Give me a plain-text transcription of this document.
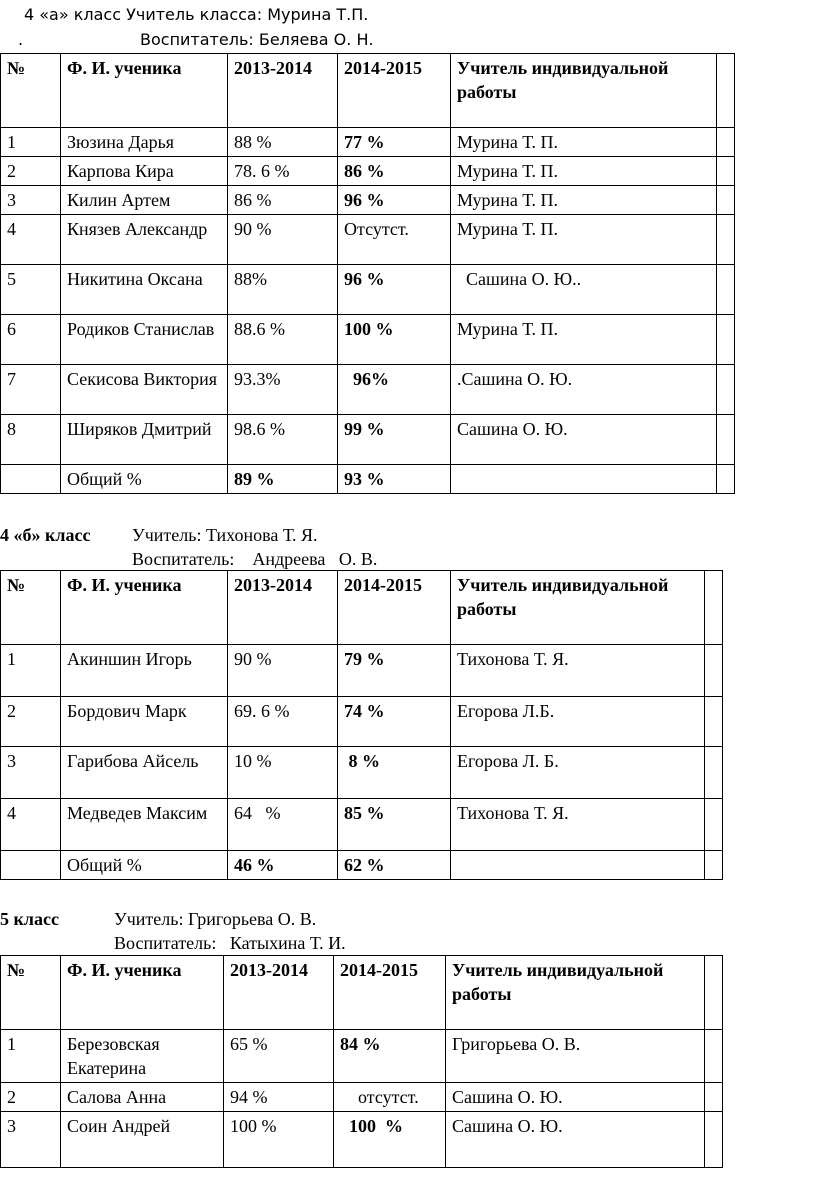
4 «а» класс Учитель класса: Мурина Т.П.
.	Воспитатель: Беляева О. Н.
№	Ф. И. ученика	2013-2014	2014-2015	Учитель индивидуальной работы	
1	Зюзина Дарья	88 %	77 %	Мурина Т. П.	
2	Карпова Кира	78. 6 %	86 %	Мурина Т. П.	
3	Килин Артем	86 %	96 %	Мурина Т. П.	
4	Князев Александр	90 %	Отсутст.	Мурина Т. П.	
5	Никитина Оксана	88%	96 %	Сашина О. Ю..	
6	Родиков Станислав	88.6 %	100 %	Мурина Т. П.	
7	Секисова Виктория	93.3%	96%	.Сашина О. Ю.	
8	Ширяков Дмитрий	98.6 %	99 %	Сашина О. Ю.	
	Общий %	89 %	93 %		
4 «б» класс Учитель: Тихонова Т. Я.
Воспитатель:    Андреева   О. В.
№	Ф. И. ученика	2013-2014	2014-2015	Учитель индивидуальной работы	
1	Акиншин Игорь	90 %	79 %	Тихонова Т. Я.	
2	Бордович Марк	69. 6 %	74 %	Егорова Л.Б.	
3	Гарибова Айсель	10 %	8 %	Егорова Л. Б.	
4	Медведев Максим	64   %	85 %	Тихонова Т. Я.	
	Общий %	46 %	62 %		
5 класс	Учитель: Григорьева О. В.
Воспитатель:   Катыхина Т. И.
№	Ф. И. ученика	2013-2014	2014-2015	Учитель индивидуальной работы	
1	Березовская Екатерина	65 %	84 %	Григорьева О. В.	
2	Салова Анна	94 %	отсутст.	Сашина О. Ю.	
3	Соин Андрей	100 %	100  %	Сашина О. Ю.	
